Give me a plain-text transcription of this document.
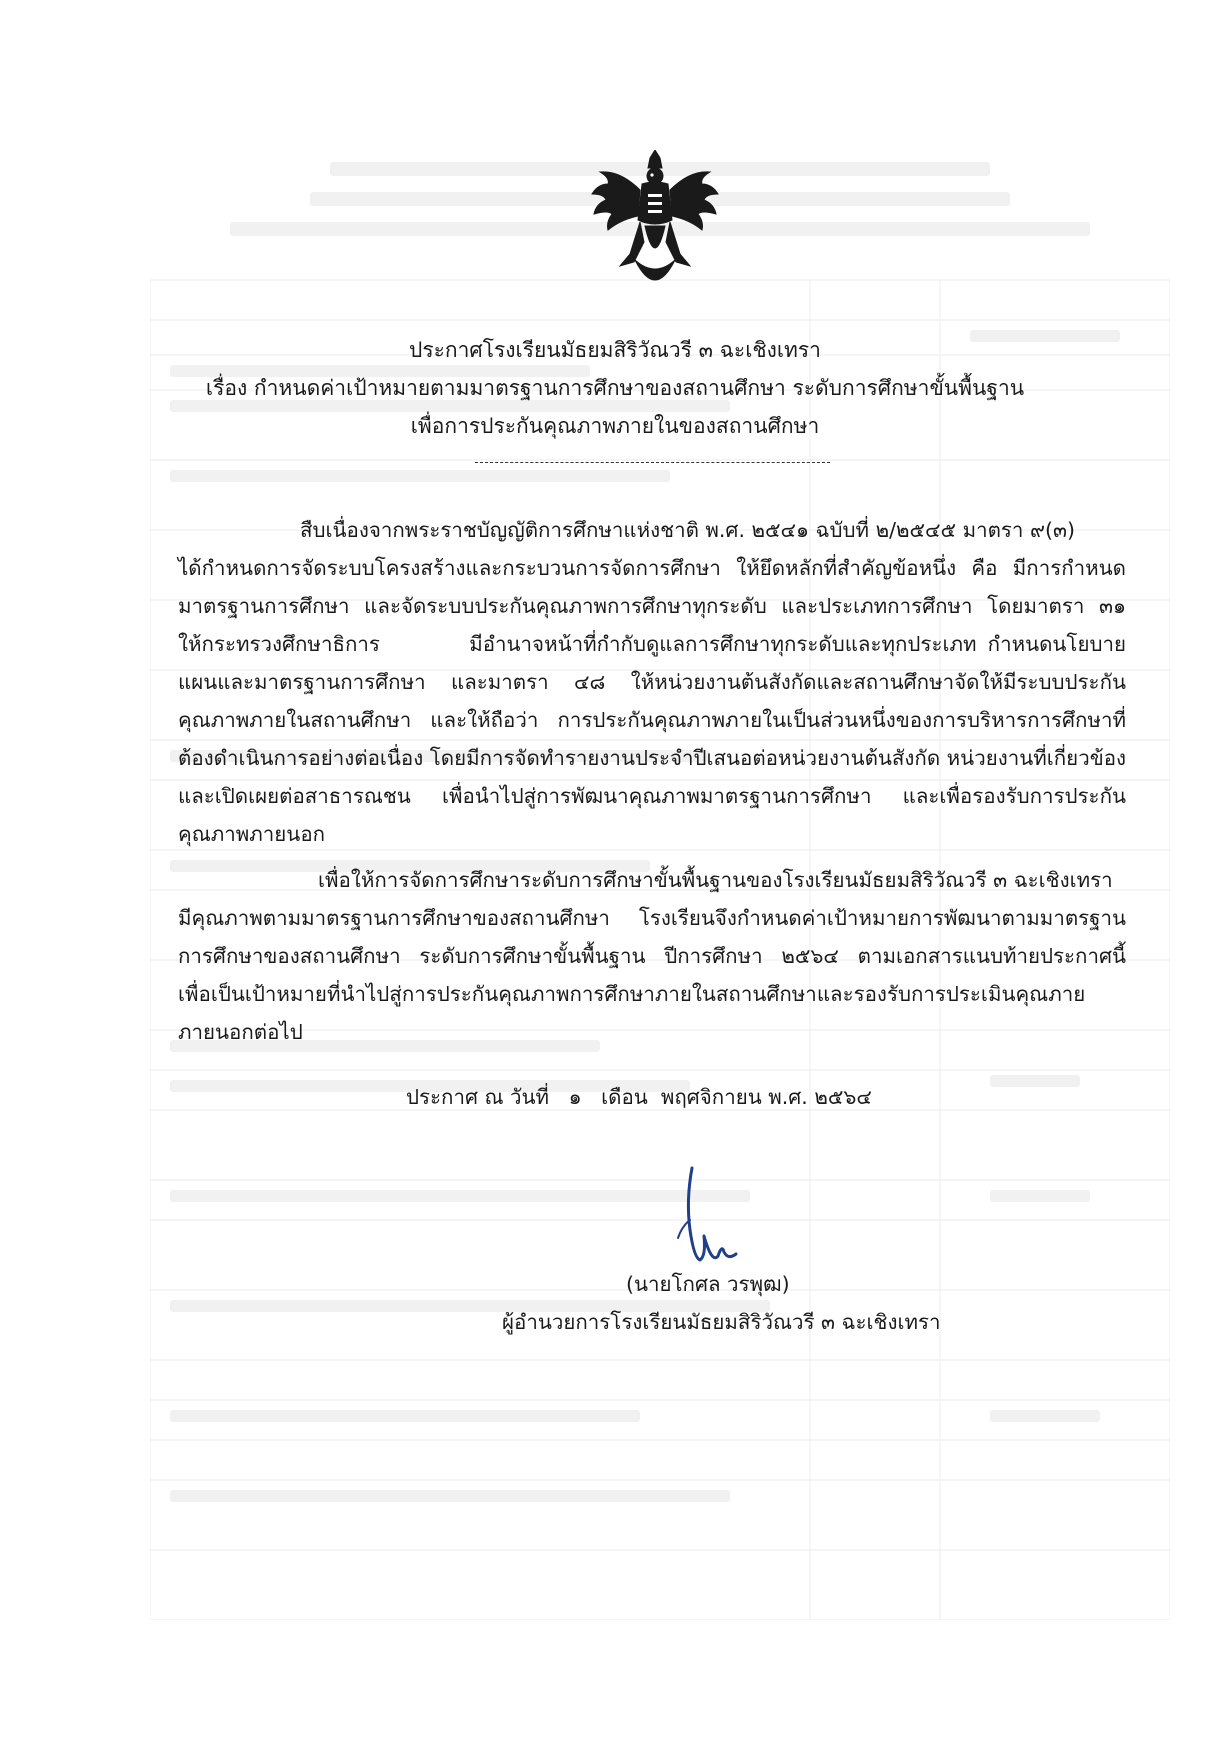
ประกาศโรงเรียนมัธยมสิริวัณวรี ๓ ฉะเชิงเทรา
เรื่อง กำหนดค่าเป้าหมายตามมาตรฐานการศึกษาของสถานศึกษา ระดับการศึกษาขั้นพื้นฐาน
เพื่อการประกันคุณภาพภายในของสถานศึกษา
สืบเนื่องจากพระราชบัญญัติการศึกษาแห่งชาติ พ.ศ. ๒๕๔๑ ฉบับที่ ๒/๒๕๔๕ มาตรา ๙(๓)
ได้กำหนดการจัดระบบโครงสร้างและกระบวนการจัดการศึกษา ให้ยึดหลักที่สำคัญข้อหนึ่ง คือ มีการกำหนด
มาตรฐานการศึกษา และจัดระบบประกันคุณภาพการศึกษาทุกระดับ และประเภทการศึกษา โดยมาตรา ๓๑
ให้กระทรวงศึกษาธิการ        มีอำนาจหน้าที่กำกับดูแลการศึกษาทุกระดับและทุกประเภท กำหนดนโยบาย
แผนและมาตรฐานการศึกษา และมาตรา ๔๘ ให้หน่วยงานต้นสังกัดและสถานศึกษาจัดให้มีระบบประกัน
คุณภาพภายในสถานศึกษา และให้ถือว่า การประกันคุณภาพภายในเป็นส่วนหนึ่งของการบริหารการศึกษาที่
ต้องดำเนินการอย่างต่อเนื่อง โดยมีการจัดทำรายงานประจำปีเสนอต่อหน่วยงานต้นสังกัด หน่วยงานที่เกี่ยวข้อง
และเปิดเผยต่อสาธารณชน เพื่อนำไปสู่การพัฒนาคุณภาพมาตรฐานการศึกษา และเพื่อรองรับการประกัน
คุณภาพภายนอก
เพื่อให้การจัดการศึกษาระดับการศึกษาขั้นพื้นฐานของโรงเรียนมัธยมสิริวัณวรี ๓ ฉะเชิงเทรา
มีคุณภาพตามมาตรฐานการศึกษาของสถานศึกษา โรงเรียนจึงกำหนดค่าเป้าหมายการพัฒนาตามมาตรฐาน
การศึกษาของสถานศึกษา ระดับการศึกษาขั้นพื้นฐาน ปีการศึกษา ๒๕๖๔ ตามเอกสารแนบท้ายประกาศนี้
เพื่อเป็นเป้าหมายที่นำไปสู่การประกันคุณภาพการศึกษาภายในสถานศึกษาและรองรับการประเมินคุณภาย
ภายนอกต่อไป
ประกาศ ณ วันที่   ๑   เดือน  พฤศจิกายน พ.ศ. ๒๕๖๔
(นายโกศล วรพุฒ)
ผู้อำนวยการโรงเรียนมัธยมสิริวัณวรี ๓ ฉะเชิงเทรา
